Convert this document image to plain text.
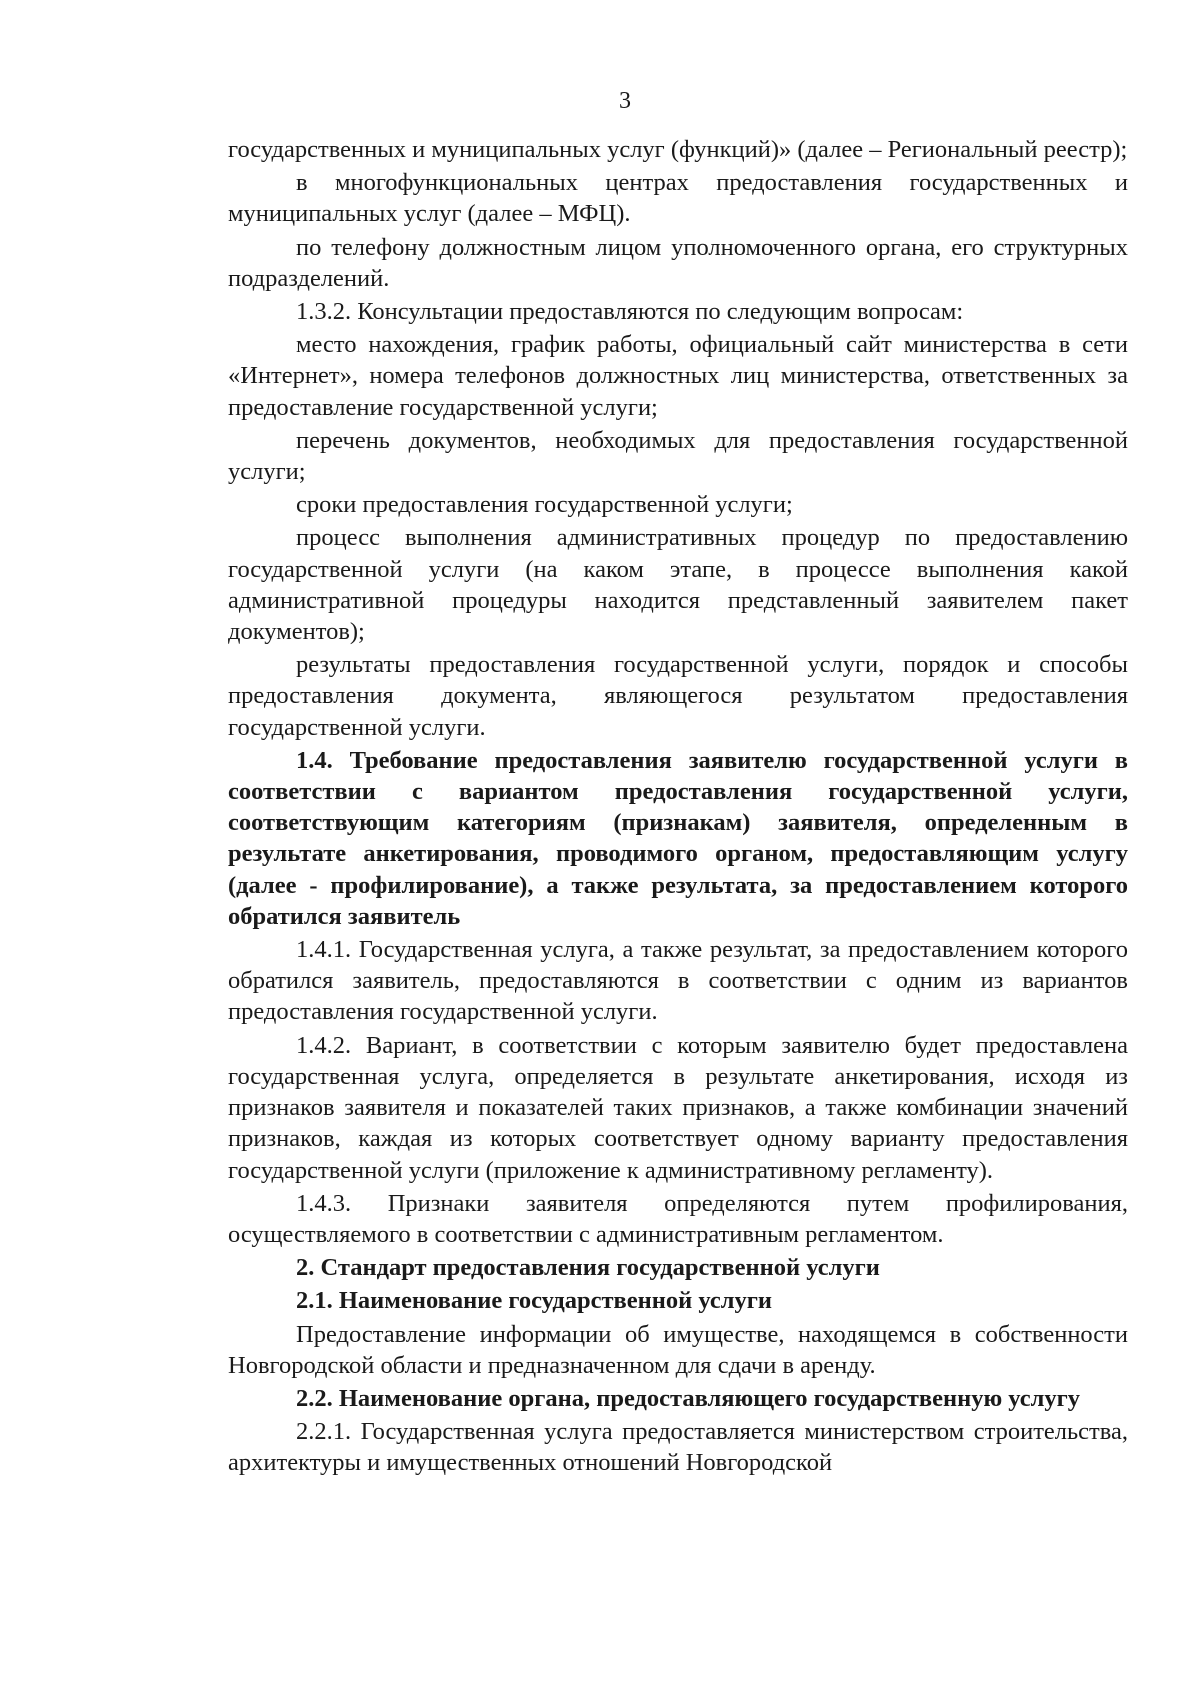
3

государственных и муниципальных услуг (функций)» (далее – Региональный реестр);

в многофункциональных центрах предоставления государственных и муниципальных услуг (далее – МФЦ).

по телефону должностным лицом уполномоченного органа, его структурных подразделений.

1.3.2. Консультации предоставляются по следующим вопросам:

место нахождения, график работы, официальный сайт министерства в сети «Интернет», номера телефонов должностных лиц министерства, ответственных за предоставление государственной услуги;

перечень документов, необходимых для предоставления государственной услуги;

сроки предоставления государственной услуги;

процесс выполнения административных процедур по предоставлению государственной услуги (на каком этапе, в процессе выполнения какой административной процедуры находится представленный заявителем пакет документов);

результаты предоставления государственной услуги, порядок и способы предоставления документа, являющегося результатом предоставления государственной услуги.

1.4. Требование предоставления заявителю государственной услуги в соответствии с вариантом предоставления государственной услуги, соответствующим категориям (признакам) заявителя, определенным в результате анкетирования, проводимого органом, предоставляющим услугу (далее - профилирование), а также результата, за предоставлением которого обратился заявитель

1.4.1. Государственная услуга, а также результат, за предоставлением которого обратился заявитель, предоставляются в соответствии с одним из вариантов предоставления государственной услуги.

1.4.2. Вариант, в соответствии с которым заявителю будет предоставлена государственная услуга, определяется в результате анкетирования, исходя из признаков заявителя и показателей таких признаков, а также комбинации значений признаков, каждая из которых соответствует одному варианту предоставления государственной услуги (приложение к административному регламенту).

1.4.3. Признаки заявителя определяются путем профилирования, осуществляемого в соответствии с административным регламентом.

2. Стандарт предоставления государственной услуги

2.1. Наименование государственной услуги

Предоставление информации об имуществе, находящемся в собственности Новгородской области и предназначенном для сдачи в аренду.

2.2. Наименование органа, предоставляющего государственную услугу

2.2.1. Государственная услуга предоставляется министерством строительства, архитектуры и имущественных отношений Новгородской
